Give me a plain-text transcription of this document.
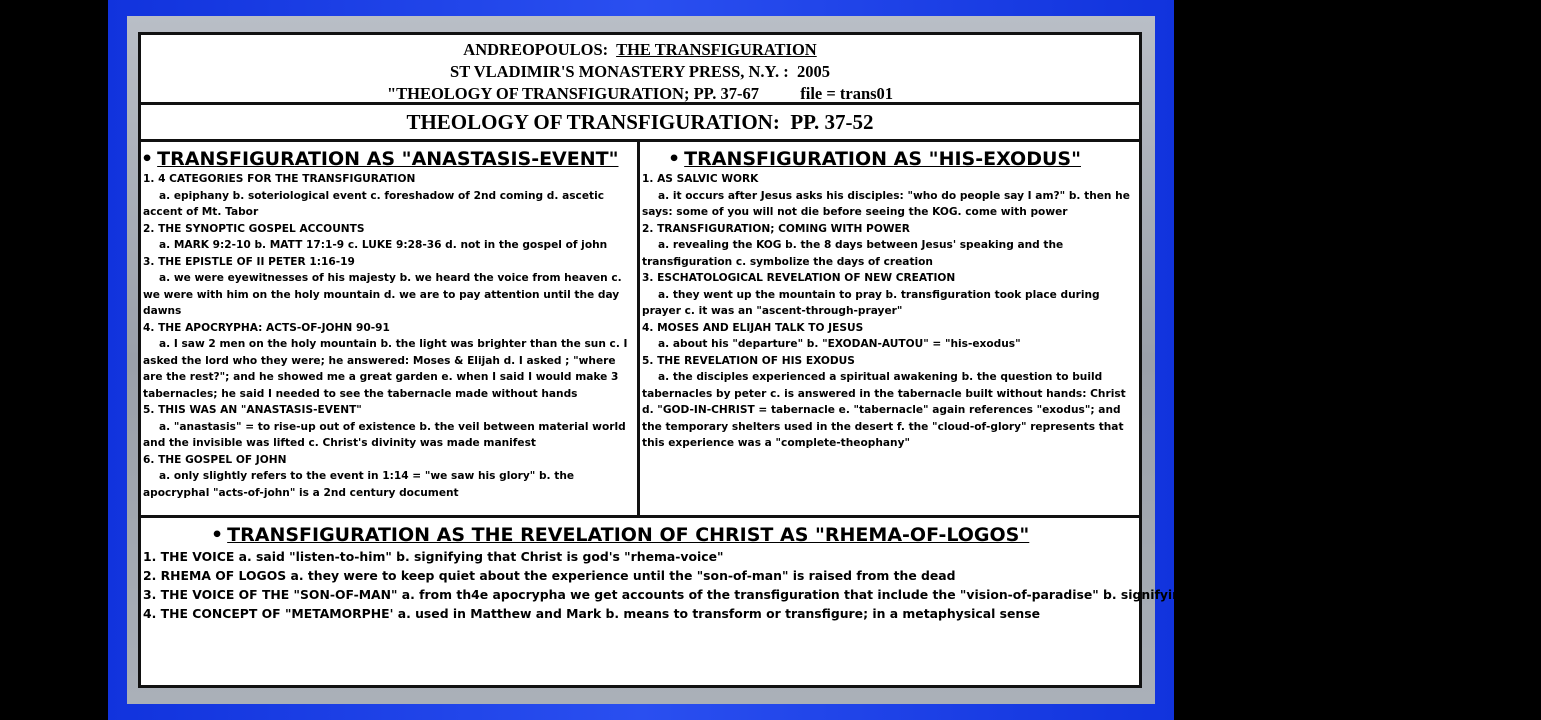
ANDREOPOULOS: THE TRANSFIGURATION
ST VLADIMIR'S MONASTERY PRESS, N.Y. :  2005
"THEOLOGY OF TRANSFIGURATION; PP. 37-67	file = trans01
THEOLOGY OF TRANSFIGURATION:  PP. 37-52
• TRANSFIGURATION AS "ANASTASIS-EVENT"
1. 4 CATEGORIES FOR THE TRANSFIGURATION
a. epiphany b. soteriological event c. foreshadow of 2nd coming d. ascetic accent of Mt. Tabor
2. THE SYNOPTIC GOSPEL ACCOUNTS
a. MARK 9:2-10 b. MATT 17:1-9 c. LUKE 9:28-36 d. not in the gospel of john
3. THE EPISTLE OF II PETER 1:16-19
a. we were eyewitnesses of his majesty b. we heard the voice from heaven c. we were with him on the holy mountain d. we are to pay attention until the day dawns
4. THE APOCRYPHA: ACTS-OF-JOHN 90-91
a. I saw 2 men on the holy mountain b. the light was brighter than the sun c. I asked the lord who they were; he answered: Moses & Elijah d. I asked ; "where are the rest?"; and he showed me a great garden e. when I said I would make 3 tabernacles; he said I needed to see the tabernacle made without hands
5. THIS WAS AN "ANASTASIS-EVENT"
a. "anastasis" = to rise-up out of existence b. the veil between material world and the invisible was lifted c. Christ's divinity was made manifest
6. THE GOSPEL OF JOHN
a. only slightly refers to the event in 1:14 = "we saw his glory" b. the apocryphal "acts-of-john" is a 2nd century document
• TRANSFIGURATION AS "HIS-EXODUS"
1. AS SALVIC WORK
a. it occurs after Jesus asks his disciples: "who do people say I am?" b. then he says: some of you will not die before seeing the KOG. come with power
2. TRANSFIGURATION; COMING WITH POWER
a. revealing the KOG b. the 8 days between Jesus' speaking and the transfiguration c. symbolize the days of creation
3. ESCHATOLOGICAL REVELATION OF NEW CREATION
a. they went up the mountain to pray b. transfiguration took place during prayer c. it was an "ascent-through-prayer"
4. MOSES AND ELIJAH TALK TO JESUS
a. about his "departure" b. "EXODAN-AUTOU" = "his-exodus"
5. THE REVELATION OF HIS EXODUS
a. the disciples experienced a spiritual awakening b. the question to build tabernacles by peter c. is answered in the tabernacle built without hands: Christ d. "GOD-IN-CHRIST = tabernacle e. "tabernacle" again references "exodus"; and the temporary shelters used in the desert f. the "cloud-of-glory" represents that this experience was a "complete-theophany"
• TRANSFIGURATION AS THE REVELATION OF CHRIST AS "RHEMA-OF-LOGOS"
1. THE VOICE a. said "listen-to-him" b. signifying that Christ is god's "rhema-voice"
2. RHEMA OF LOGOS a. they were to keep quiet about the experience until the "son-of-man" is raised from the dead
3. THE VOICE OF THE "SON-OF-MAN" a. from th4e apocrypha we get accounts of the transfiguration that include the "vision-of-paradise" b. signifying that the transfiguration is a foretaste of paradise
4. THE CONCEPT OF "METAMORPHE' a. used in Matthew and Mark b. means to transform or transfigure; in a metaphysical sense
